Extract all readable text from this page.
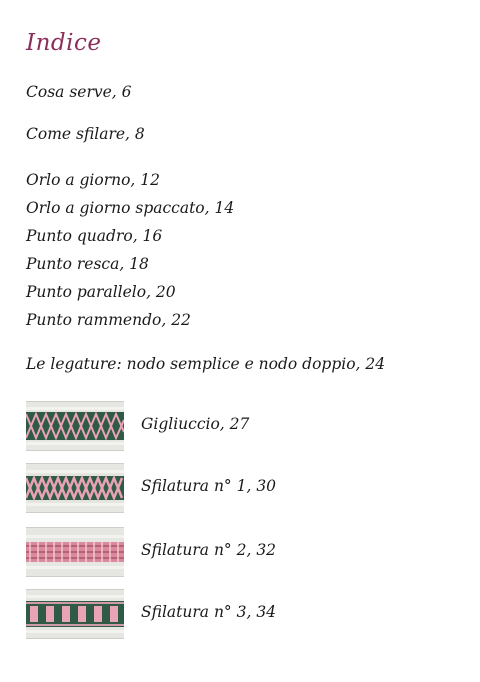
Indice
Cosa serve, 6
Come sfilare, 8
Orlo a giorno, 12
Orlo a giorno spaccato, 14
Punto quadro, 16
Punto resca, 18
Punto parallelo, 20
Punto rammendo, 22
Le legature: nodo semplice e nodo doppio, 24
Gigliuccio, 27
Sfilatura n° 1, 30
Sfilatura n° 2, 32
Sfilatura n° 3, 34
